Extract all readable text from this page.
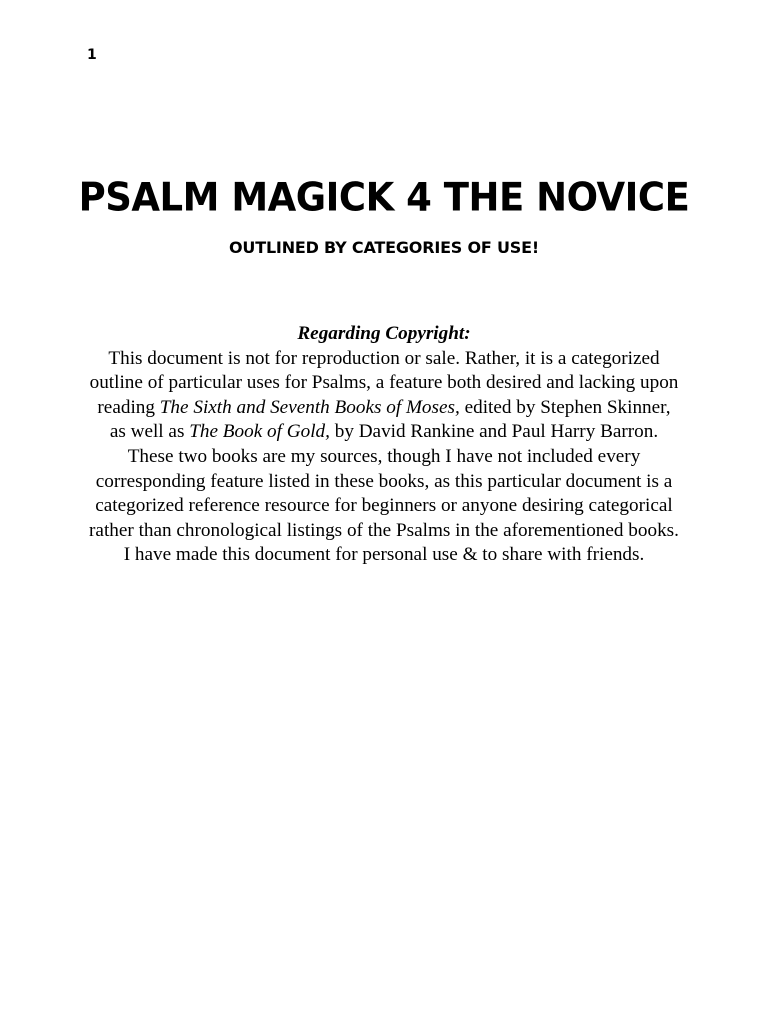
1
PSALM MAGICK 4 THE NOVICE
OUTLINED BY CATEGORIES OF USE!
Regarding Copyright:
This document is not for reproduction or sale. Rather, it is a categorized outline of particular uses for Psalms, a feature both desired and lacking upon reading The Sixth and Seventh Books of Moses, edited by Stephen Skinner, as well as The Book of Gold, by David Rankine and Paul Harry Barron. These two books are my sources, though I have not included every corresponding feature listed in these books, as this particular document is a categorized reference resource for beginners or anyone desiring categorical rather than chronological listings of the Psalms in the aforementioned books.
I have made this document for personal use & to share with friends.
